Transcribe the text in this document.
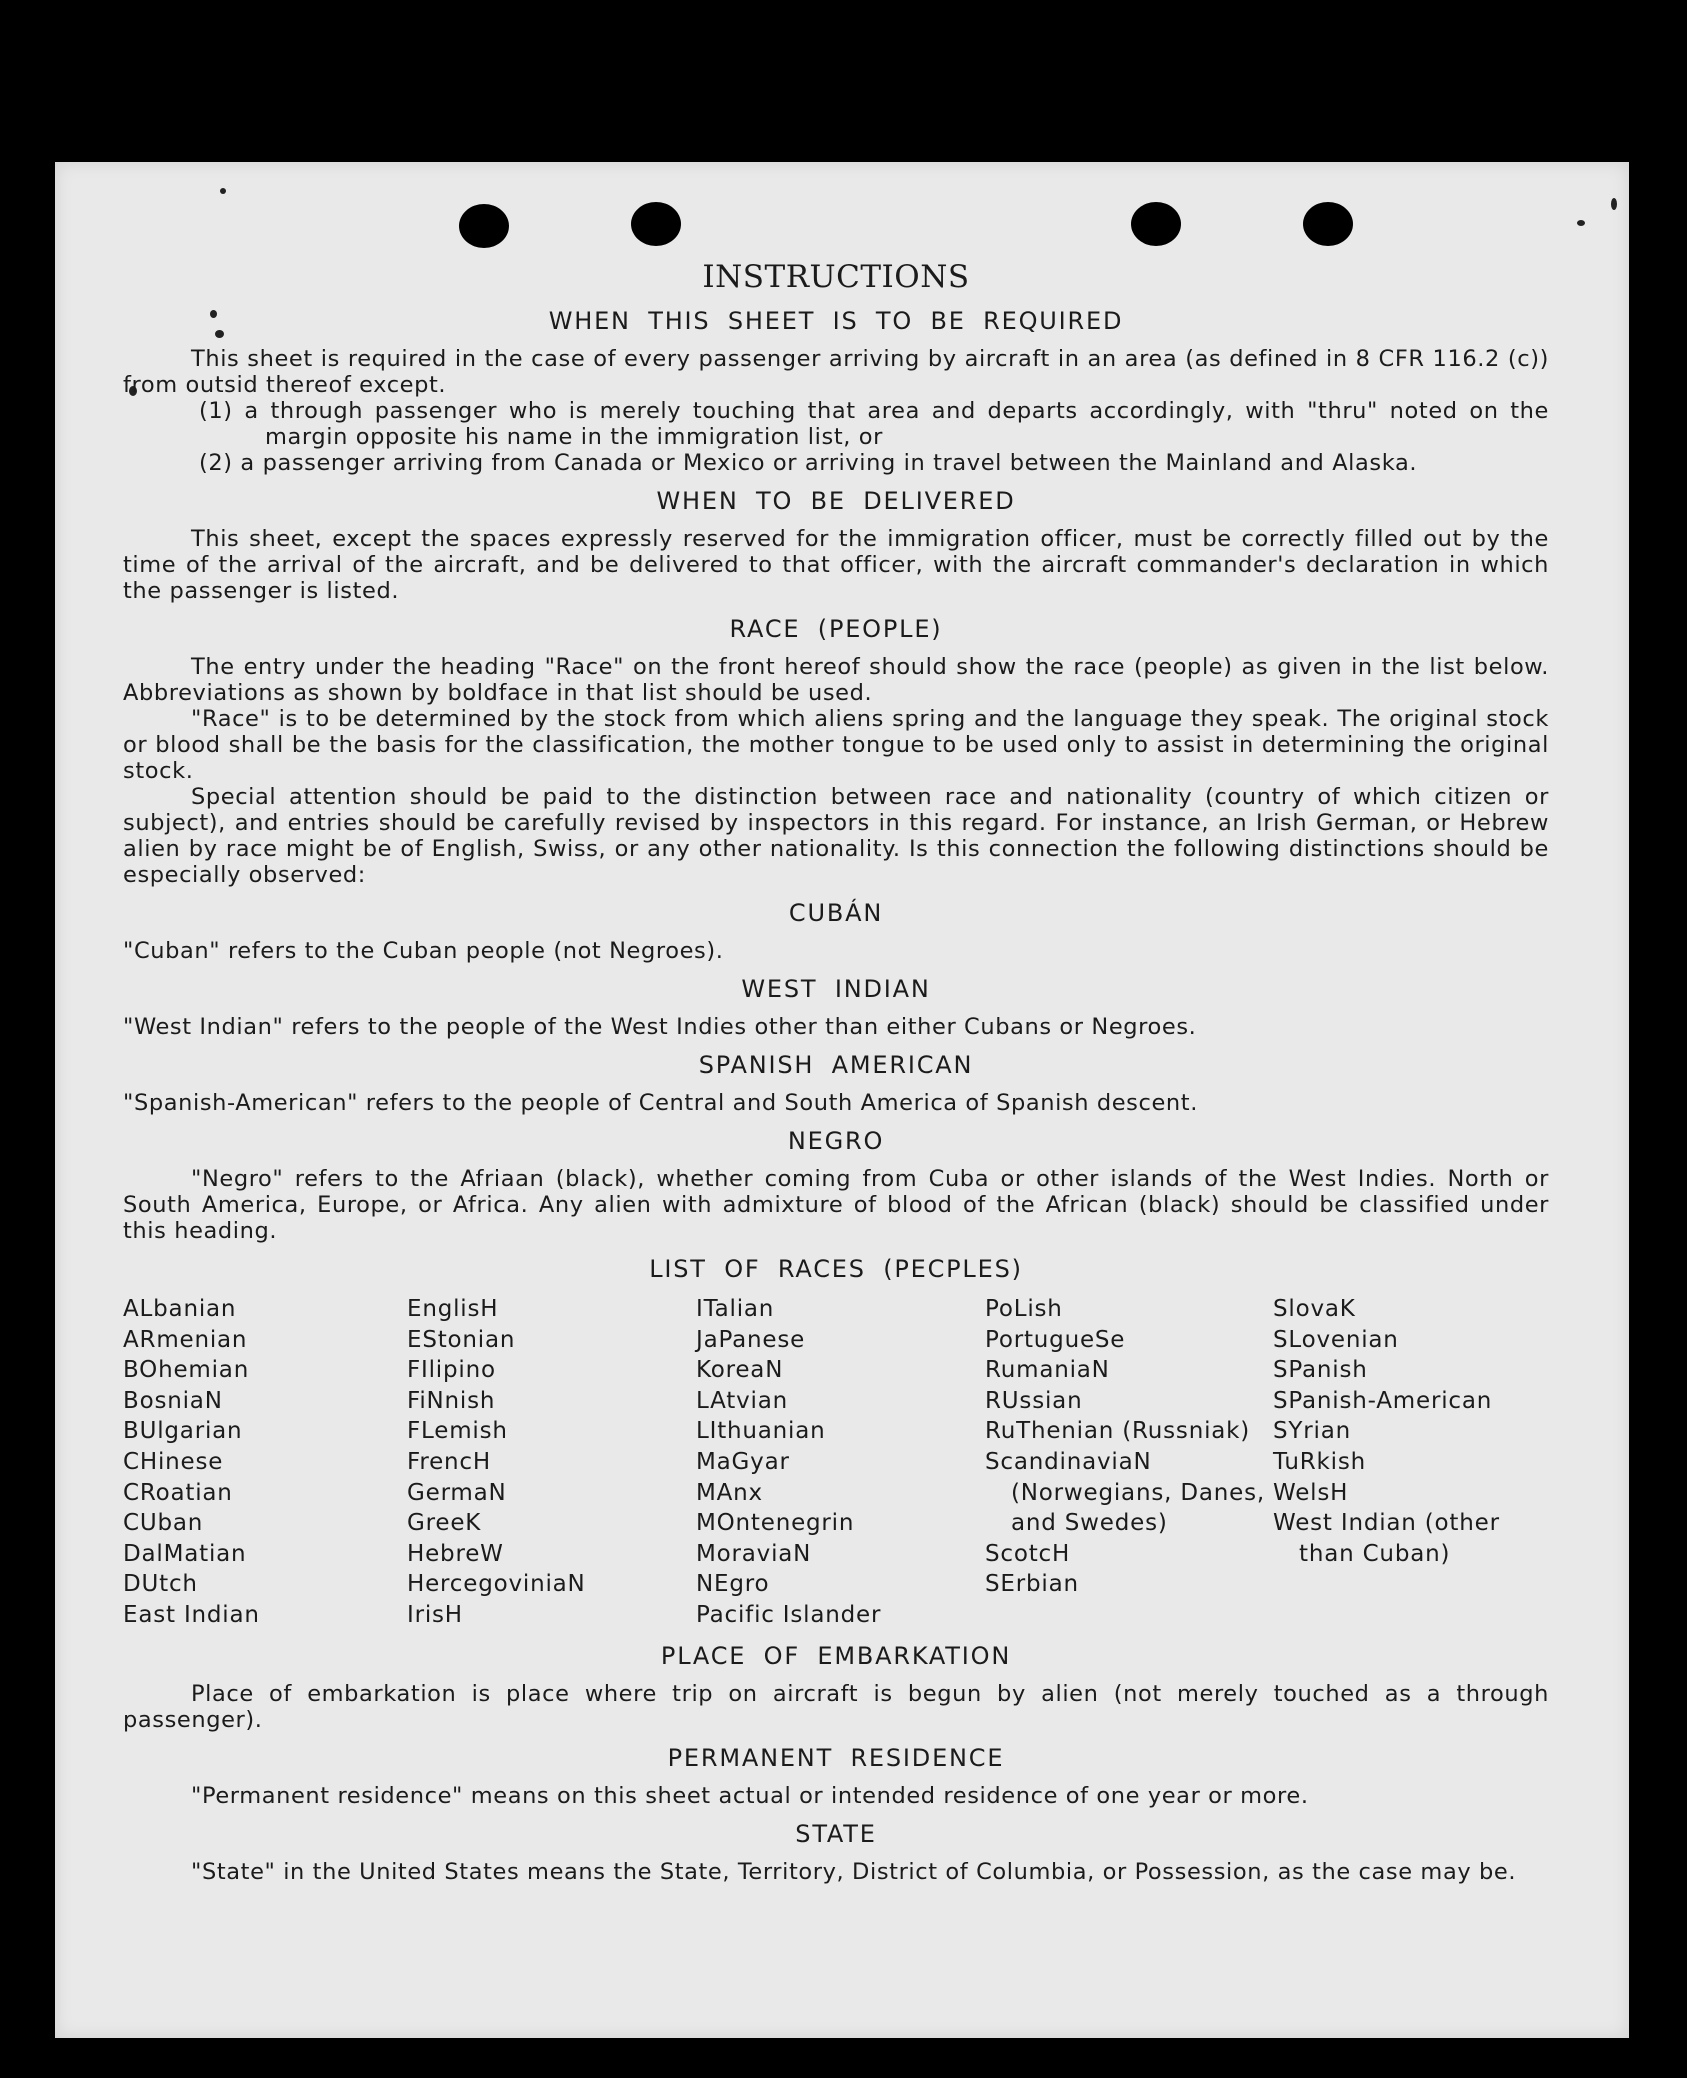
INSTRUCTIONS
WHEN THIS SHEET IS TO BE REQUIRED

This sheet is required in the case of every passenger arriving by aircraft in an area (as defined in 8 CFR 116.2 (c)) from outsid thereof except.

(1) a through passenger who is merely touching that area and departs accordingly, with "thru" noted on the margin opposite his name in the immigration list, or

(2) a passenger arriving from Canada or Mexico or arriving in travel between the Mainland and Alaska.

WHEN TO BE DELIVERED

This sheet, except the spaces expressly reserved for the immigration officer, must be correctly filled out by the time of the arrival of the aircraft, and be delivered to that officer, with the aircraft commander's declaration in which the passenger is listed.

RACE (PEOPLE)

The entry under the heading "Race" on the front hereof should show the race (people) as given in the list below. Abbreviations as shown by boldface in that list should be used.

"Race" is to be determined by the stock from which aliens spring and the language they speak. The original stock or blood shall be the basis for the classification, the mother tongue to be used only to assist in determining the original stock.

Special attention should be paid to the distinction between race and nationality (country of which citizen or subject), and entries should be carefully revised by inspectors in this regard. For instance, an Irish German, or Hebrew alien by race might be of English, Swiss, or any other nationality. Is this connection the following distinctions should be especially observed:

CUBÁN

"Cuban" refers to the Cuban people (not Negroes).

WEST INDIAN

"West Indian" refers to the people of the West Indies other than either Cubans or Negroes.

SPANISH AMERICAN

"Spanish-American" refers to the people of Central and South America of Spanish descent.

NEGRO

"Negro" refers to the Afriaan (black), whether coming from Cuba or other islands of the West Indies. North or South America, Europe, or Africa. Any alien with admixture of blood of the African (black) should be classified under this heading.

LIST OF RACES (PECPLES)
ALbanian
ARmenian
BOhemian
BosniaN
BUlgarian
CHinese
CRoatian
CUban
DalMatian
DUtch
East Indian
EnglisH
EStonian
FIlipino
FiNnish
FLemish
FrencH
GermaN
GreeK
HebreW
HercegoviniaN
IrisH
ITalian
JaPanese
KoreaN
LAtvian
LIthuanian
MaGyar
MAnx
MOntenegrin
MoraviaN
NEgro
Pacific Islander
PoLish
PortugueSe
RumaniaN
RUssian
RuThenian (Russniak)
ScandinaviaN (Norwegians, Danes, and Swedes)
ScotcH
SErbian
SlovaK
SLovenian
SPanish
SPanish-American
SYrian
TuRkish
WelsH
West Indian (other than Cuban)
PLACE OF EMBARKATION

Place of embarkation is place where trip on aircraft is begun by alien (not merely touched as a through passenger).

PERMANENT RESIDENCE

"Permanent residence" means on this sheet actual or intended residence of one year or more.

STATE

"State" in the United States means the State, Territory, District of Columbia, or Possession, as the case may be.
